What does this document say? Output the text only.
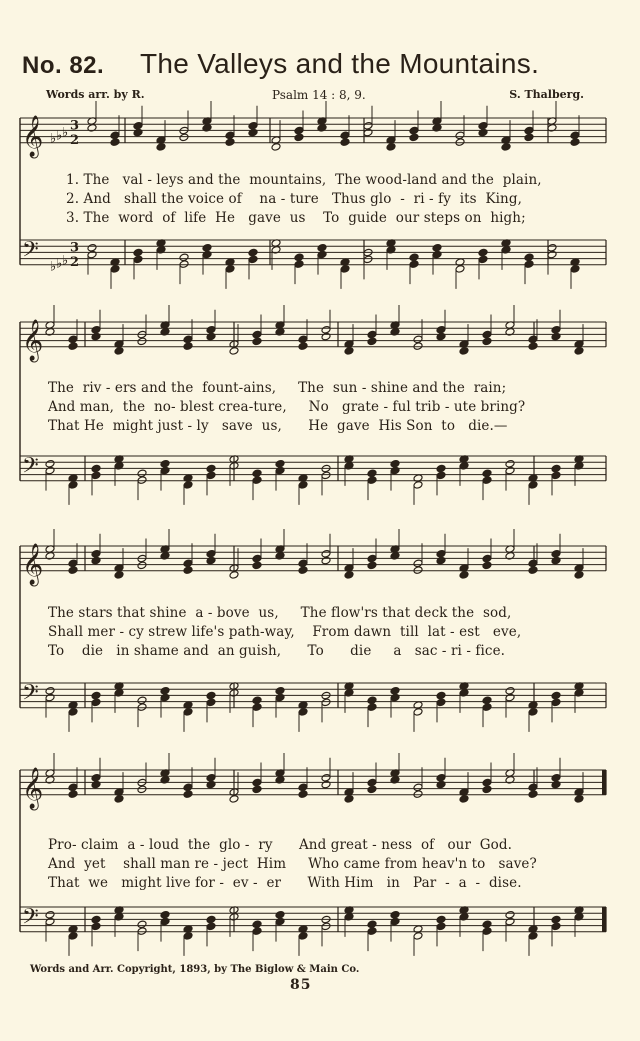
No. 82. The Valleys and the Mountains.
Words arr. by R.	Psalm 14 : 8, 9.	S. Thalberg.
𝄞 ♭ ♭ ♭ 3
2
𝄢 ♭ ♭ ♭
3
2
𝄞
𝄢
𝄞
𝄢
𝄞
𝄢
1. The   val - leys and the  mountains,  The wood-land and the  plain,
2. And   shall the voice of    na - ture   Thus glo  -  ri - fy  its  King,
3. The  word  of  life  He   gave  us    To  guide  our steps on  high;
The  riv - ers and the  fount-ains,     The  sun - shine and the  rain;
And man,  the  no- blest crea-ture,     No   grate - ful trib - ute bring?
That He  might just - ly   save  us,      He  gave  His Son  to   die.—
The stars that shine  a - bove  us,     The flow'rs that deck the  sod,
Shall mer - cy strew life's path-way,    From dawn  till  lat - est   eve,
To    die   in shame and  an guish,      To      die     a   sac - ri - fice.
Pro- claim  a - loud  the  glo -  ry      And great - ness  of   our  God.
And  yet    shall man re - ject  Him     Who came from heav'n to   save?
That  we   might live for -  ev -  er      With Him   in   Par  -  a  -  dise.
Words and Arr. Copyright, 1893, by The Biglow & Main Co.
85
